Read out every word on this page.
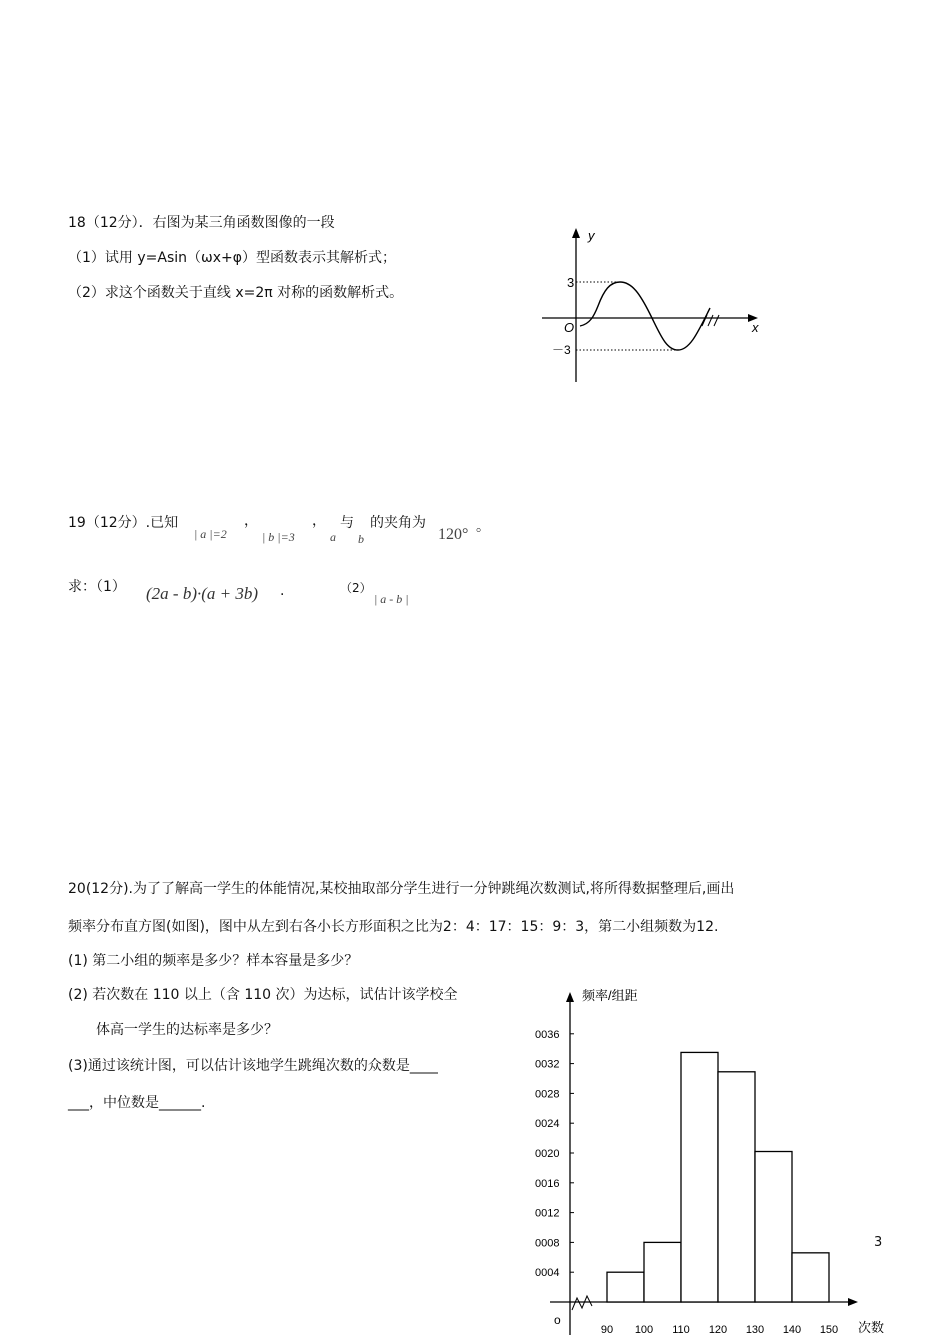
18（12分）．右图为某三角函数图像的一段
（1）试用 y=Asin（ωx+φ）型函数表示其解析式；
（2）求这个函数关于直线 x=2π 对称的函数解析式。
y
x
O
3
－3
19（12分）.已知
| a |=2
，
| b |=3
，
a
与
b
的夹角为
120° 。
求：（1） (2a - b)·(a + 3b) .	（2）
| a - b |
20(12分).为了了解高一学生的体能情况,某校抽取部分学生进行一分钟跳绳次数测试,将所得数据整理后,画出
频率分布直方图(如图)，图中从左到右各小长方形面积之比为2：4：17：15：9：3，第二小组频数为12.
(1) 第二小组的频率是多少？样本容量是多少？
(2) 若次数在 110 以上（含 110 次）为达标，试估计该学校全
体高一学生的达标率是多少？
(3)通过该统计图，可以估计该地学生跳绳次数的众数是____
___，中位数是______.
频率/组距
次数
o
0004
0008
0012
0016
0020
0024
0028
0032
0036
90 100 110 120 130 140 150
3
